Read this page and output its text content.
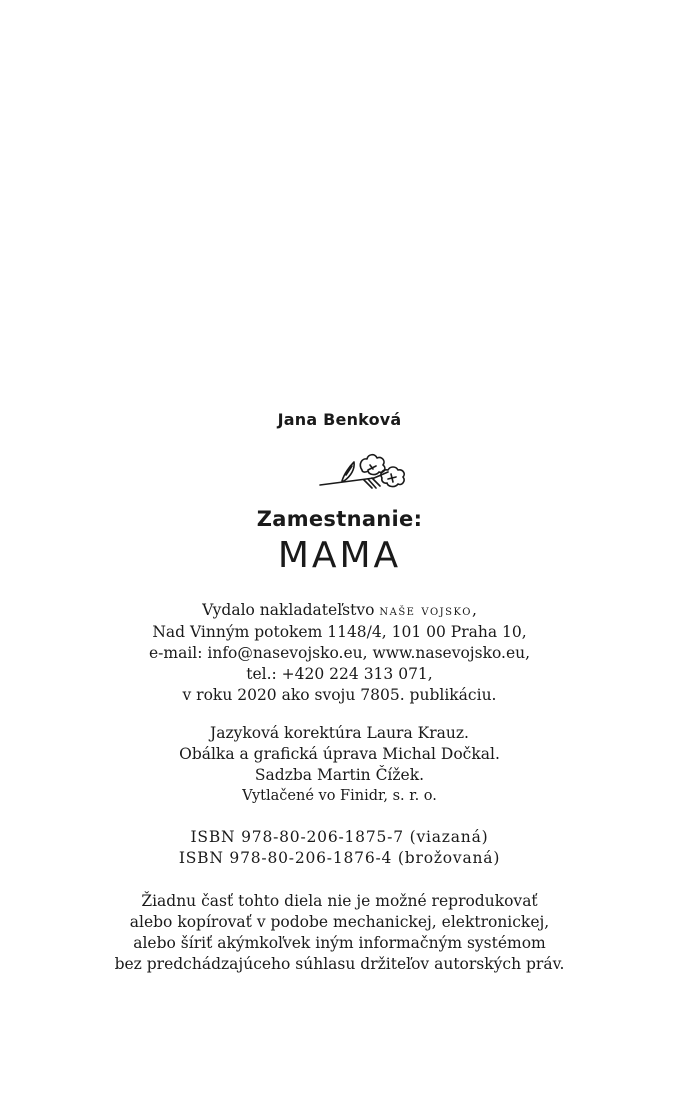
Jana Benková
Zamestnanie:
MAMA
Vydalo nakladateľstvo naše vojsko,
Nad Vinným potokem 1148/4, 101 00 Praha 10,
e-mail: info@nasevojsko.eu, www.nasevojsko.eu,
tel.: +420 224 313 071,
v roku 2020 ako svoju 7805. publikáciu.
Jazyková korektúra Laura Krauz.
Obálka a grafická úprava Michal Dočkal.
Sadzba Martin Čížek.
Vytlačené vo Finidr, s. r. o.
ISBN 978-80-206-1875-7 (viazaná)
ISBN 978-80-206-1876-4 (brožovaná)
Žiadnu časť tohto diela nie je možné reprodukovať
alebo kopírovať v podobe mechanickej, elektronickej,
alebo šíriť akýmkoľvek iným informačným systémom
bez predchádzajúceho súhlasu držiteľov autorských práv.
